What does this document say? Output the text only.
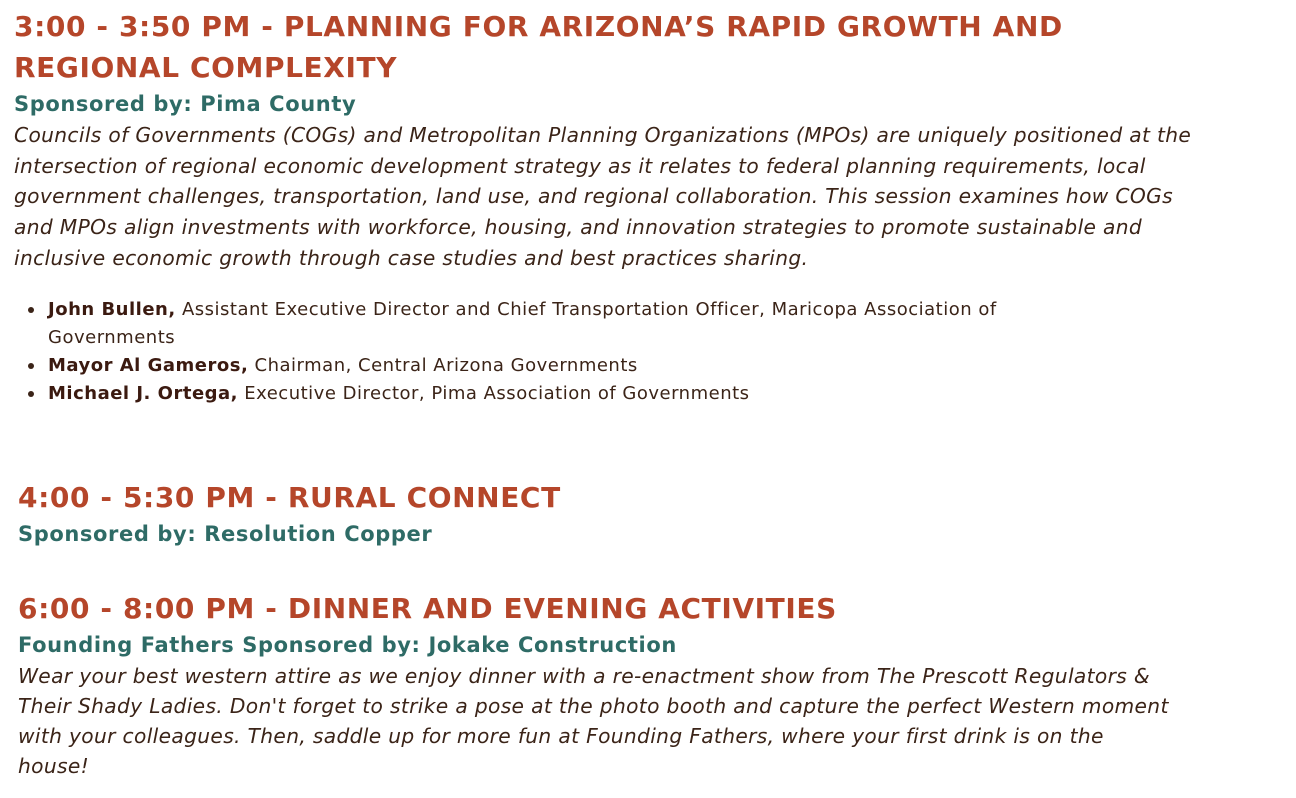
3:00 - 3:50 PM - PLANNING FOR ARIZONA’S RAPID GROWTH AND REGIONAL COMPLEXITY

Sponsored by: Pima County

Councils of Governments (COGs) and Metropolitan Planning Organizations (MPOs) are uniquely positioned at the intersection of regional economic development strategy as it relates to federal planning requirements, local government challenges, transportation, land use, and regional collaboration. This session examines how COGs and MPOs align investments with workforce, housing, and innovation strategies to promote sustainable and inclusive economic growth through case studies and best practices sharing.

John Bullen, Assistant Executive Director and Chief Transportation Officer, Maricopa Association of Governments
Mayor Al Gameros, Chairman, Central Arizona Governments
Michael J. Ortega, Executive Director, Pima Association of Governments
4:00 - 5:30 PM - RURAL CONNECT

Sponsored by: Resolution Copper

6:00 - 8:00 PM - DINNER AND EVENING ACTIVITIES

Founding Fathers Sponsored by: Jokake Construction

Wear your best western attire as we enjoy dinner with a re-enactment show from The Prescott Regulators & Their Shady Ladies. Don't forget to strike a pose at the photo booth and capture the perfect Western moment with your colleagues. Then, saddle up for more fun at Founding Fathers, where your first drink is on the house!
